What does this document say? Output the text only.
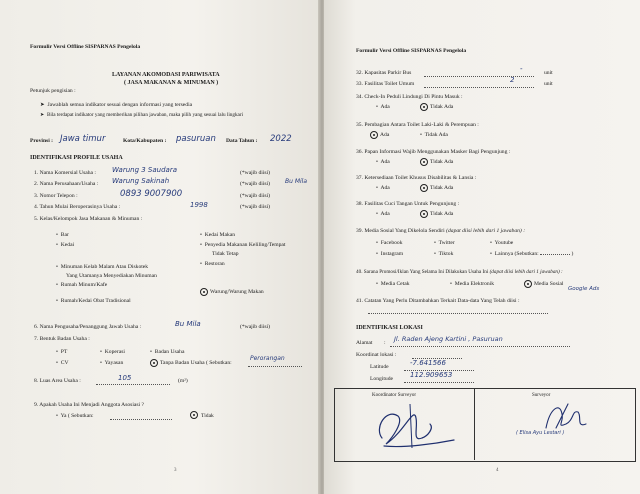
Formulir Versi Offline SISPARNAS Pengelola
LAYANAN AKOMODASI PARIWISATA
( JASA MAKANAN & MINUMAN )
Petunjuk pengisian :
➤  Jawablah semua indikator sesuai dengan informasi yang tersedia
➤  Bila terdapat indikator yang memberikan pilihan jawaban, maka pilih yang sesuai lalu lingkari
Provinsi : Jawa timur	Kota/Kabupaten : pasuruan Data Tahun : 2022
IDENTIFIKASI PROFILE USAHA
1. Nama Komersial Usaha : Warung 3 Saudara	(*wajib diisi)
2. Nama Perusahaan/Usaha : Warung Sakinah	(*wajib diisi)	Bu Mila
3. Nomor Telepon :	0893 9007900	(*wajib diisi)
4. Tahun Mulai Beroperasinya Usaha :	1998	(*wajib diisi)
5. Kelas/Kelompok Jasa Makanan & Minuman :
•  Bar
•  Kedai
•  Kedai Makan
•  Penyedia Makanan Keliling/Tempat
Tidak Tetap
•  Restoran
•  Minuman Kelab Malam Atau Diskotek
Yang Utamanya Menyediakan Minuman
•  Rumah Minum/Kafe
Warung/Warung Makan
•  Rumah/Kedai Obat Tradisional
6. Nama Pengusaha/Penanggung Jawab Usaha :	Bu Mila	(*wajib diisi)
7. Bentuk Badan Usaha :
•  PT	•  Koperasi	•  Badan Usaha
•  CV	•  Yayasan	Tanpa Badan Usaha ( Sebutkan:
Perorangan
8. Luas Area Usaha :	105	(m²)
9. Apakah Usaha Ini Menjadi Anggota Asosiasi ?
•  Ya ( Sebutkan:	Tidak
3
Formulir Versi Offline SISPARNAS Pengelola
32. Kapasitas Parkir Bus	-	unit
33. Fasilitas Toilet Umum	2	unit
34. Check-In Peduli Lindungi Di Pintu Masuk :
•  Ada	Tidak Ada
35. Pembagian Antara Toilet Laki-Laki & Perempuan :
Ada	•  Tidak Ada
36. Papan Informasi Wajib Menggunakan Masker Bagi Pengunjung :
•  Ada	Tidak Ada
37. Ketersediaan Toilet Khusus Disabilitas & Lansia :
•  Ada	Tidak Ada
38. Fasilitas Cuci Tangan Untuk Pengunjung :
•  Ada	Tidak Ada
39. Media Sosial Yang Dikelola Sendiri (dapat diisi lebih dari 1 jawaban) :
•  Facebook	•  Twitter	•  Youtube
•  Instagram	•  Tiktok	•  Lainnya (Sebutkan:	)
40. Sarana Promosi/Iklan Yang Selama Ini Dilakukan Usaha Ini (dapat diisi lebih dari 1 jawaban) :
•  Media Cetak	•  Media Elektronik	Media Sosial
Google Ads
41. Catatan Yang Perlu Ditambahkan Terkait Data-data Yang Telah diisi :
IDENTIFIKASI LOKASI
Alamat : Jl. Raden Ajeng Kartini , Pasuruan
Koordinat lokasi :
Latitude	-7.641566
Longitude 112.909653
Koordinator Surveyor	Surveyor
( Elisa Ayu Lestari )
4
